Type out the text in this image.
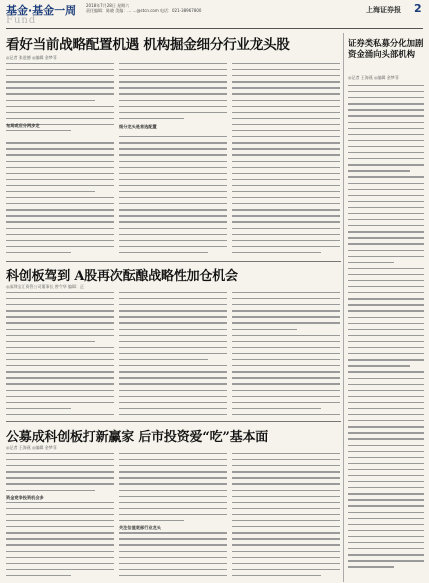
基金·基金一周 2018年7月28日 星期六
责任编辑：陈晓 美编：… …@stcn.com 电话：021-38967800	上海证券报 2
Fund
看好当前战略配置机遇 机构掘金细分行业龙头股
◎记者 张进德 ◎编辑 金梦菲
布局或应分两步走	细分龙头是首选配置
证券类私募分化加剧 资金涌向头部机构
◎记者 王海燕 ◎编辑 金梦菲
科创板驾到 A股再次酝酿战略性加仓机会
◎深圳宝汇资管公司董事长 曾令华 编辑：正
公募成科创板打新赢家 后市投资爱“吃”基本面
◎记者 王海燕 ◎编辑 金梦菲
资金竞争投资机会多
关注估值底部行业龙头
